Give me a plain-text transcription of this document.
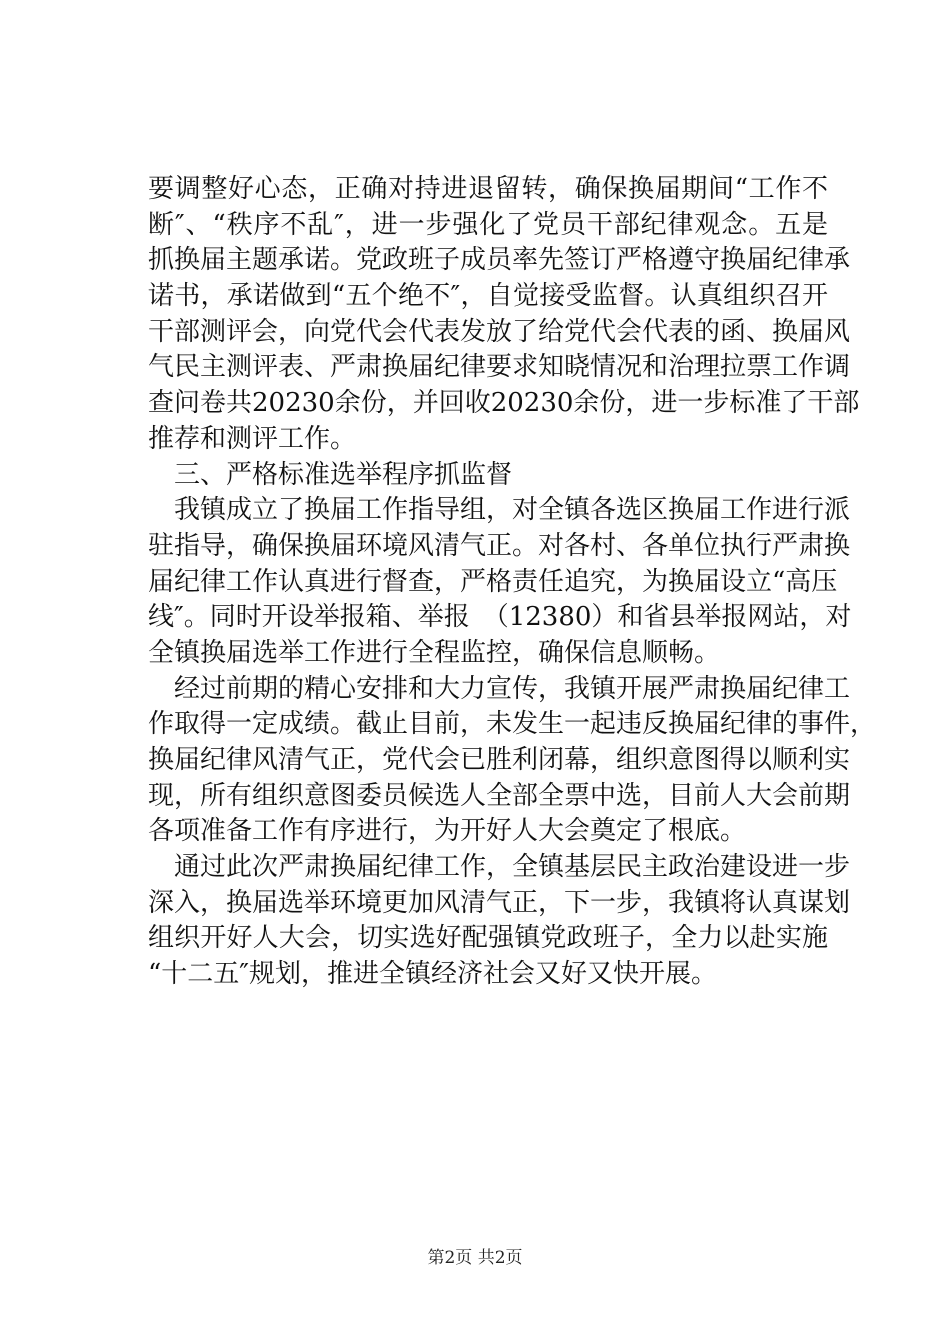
要调整好心态，正确对持进退留转，确保换届期间“工作不
断″、“秩序不乱″，进一步强化了党员干部纪律观念。五是
抓换届主题承诺。党政班子成员率先签订严格遵守换届纪律承
诺书，承诺做到“五个绝不″，自觉接受监督。认真组织召开
干部测评会，向党代会代表发放了给党代会代表的函、换届风
气民主测评表、严肃换届纪律要求知晓情况和治理拉票工作调
查问卷共20230余份，并回收20230余份，进一步标准了干部
推荐和测评工作。
三、严格标准选举程序抓监督
我镇成立了换届工作指导组，对全镇各选区换届工作进行派
驻指导，确保换届环境风清气正。对各村、各单位执行严肃换
届纪律工作认真进行督查，严格责任追究，为换届设立“高压
线″。同时开设举报箱、举报　（12380）和省县举报网站，对
全镇换届选举工作进行全程监控，确保信息顺畅。
经过前期的精心安排和大力宣传，我镇开展严肃换届纪律工
作取得一定成绩。截止目前，未发生一起违反换届纪律的事件，
换届纪律风清气正，党代会已胜利闭幕，组织意图得以顺利实
现，所有组织意图委员候选人全部全票中选，目前人大会前期
各项准备工作有序进行，为开好人大会奠定了根底。
通过此次严肃换届纪律工作，全镇基层民主政治建设进一步
深入，换届选举环境更加风清气正，下一步，我镇将认真谋划
组织开好人大会，切实选好配强镇党政班子，全力以赴实施
“十二五″规划，推进全镇经济社会又好又快开展。
第2页 共2页
